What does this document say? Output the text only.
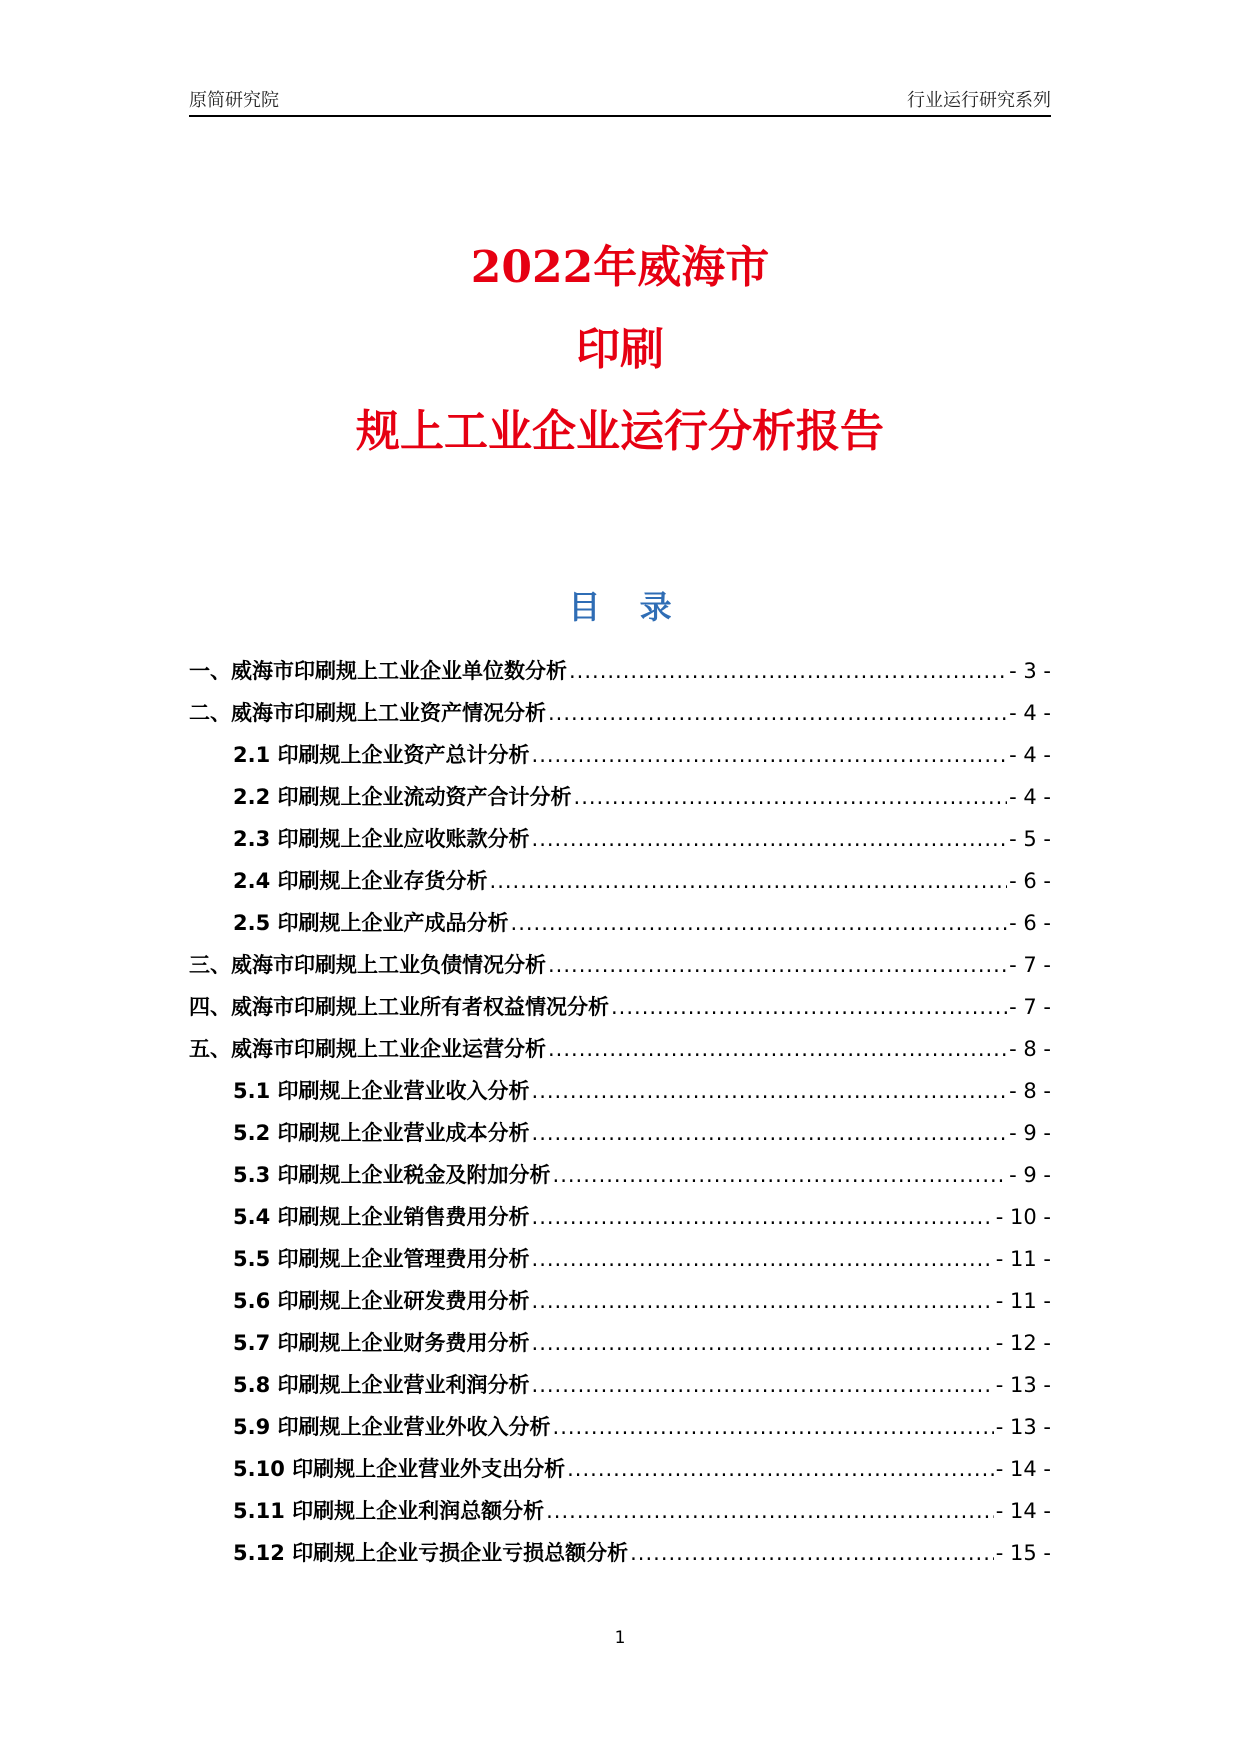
原简研究院	行业运行研究系列
2022年威海市
印刷
规上工业企业运行分析报告
目 录
一、威海市印刷规上工业企业单位数分析 .....	- 3 -
二、威海市印刷规上工业资产情况分析 .....	- 4 -
2.1 印刷规上企业资产总计分析 .....	- 4 -
2.2 印刷规上企业流动资产合计分析 .....	- 4 -
2.3 印刷规上企业应收账款分析 .....	- 5 -
2.4 印刷规上企业存货分析 .....	- 6 -
2.5 印刷规上企业产成品分析 .....	- 6 -
三、威海市印刷规上工业负债情况分析 .....	- 7 -
四、威海市印刷规上工业所有者权益情况分析 .....	- 7 -
五、威海市印刷规上工业企业运营分析 .....	- 8 -
5.1 印刷规上企业营业收入分析 .....	- 8 -
5.2 印刷规上企业营业成本分析 .....	- 9 -
5.3 印刷规上企业税金及附加分析 .....	- 9 -
5.4 印刷规上企业销售费用分析 .....	- 10 -
5.5 印刷规上企业管理费用分析 .....	- 11 -
5.6 印刷规上企业研发费用分析 .....	- 11 -
5.7 印刷规上企业财务费用分析 .....	- 12 -
5.8 印刷规上企业营业利润分析 .....	- 13 -
5.9 印刷规上企业营业外收入分析 .....	- 13 -
5.10 印刷规上企业营业外支出分析 .....	- 14 -
5.11 印刷规上企业利润总额分析 .....	- 14 -
5.12 印刷规上企业亏损企业亏损总额分析 .....	- 15 -
1
